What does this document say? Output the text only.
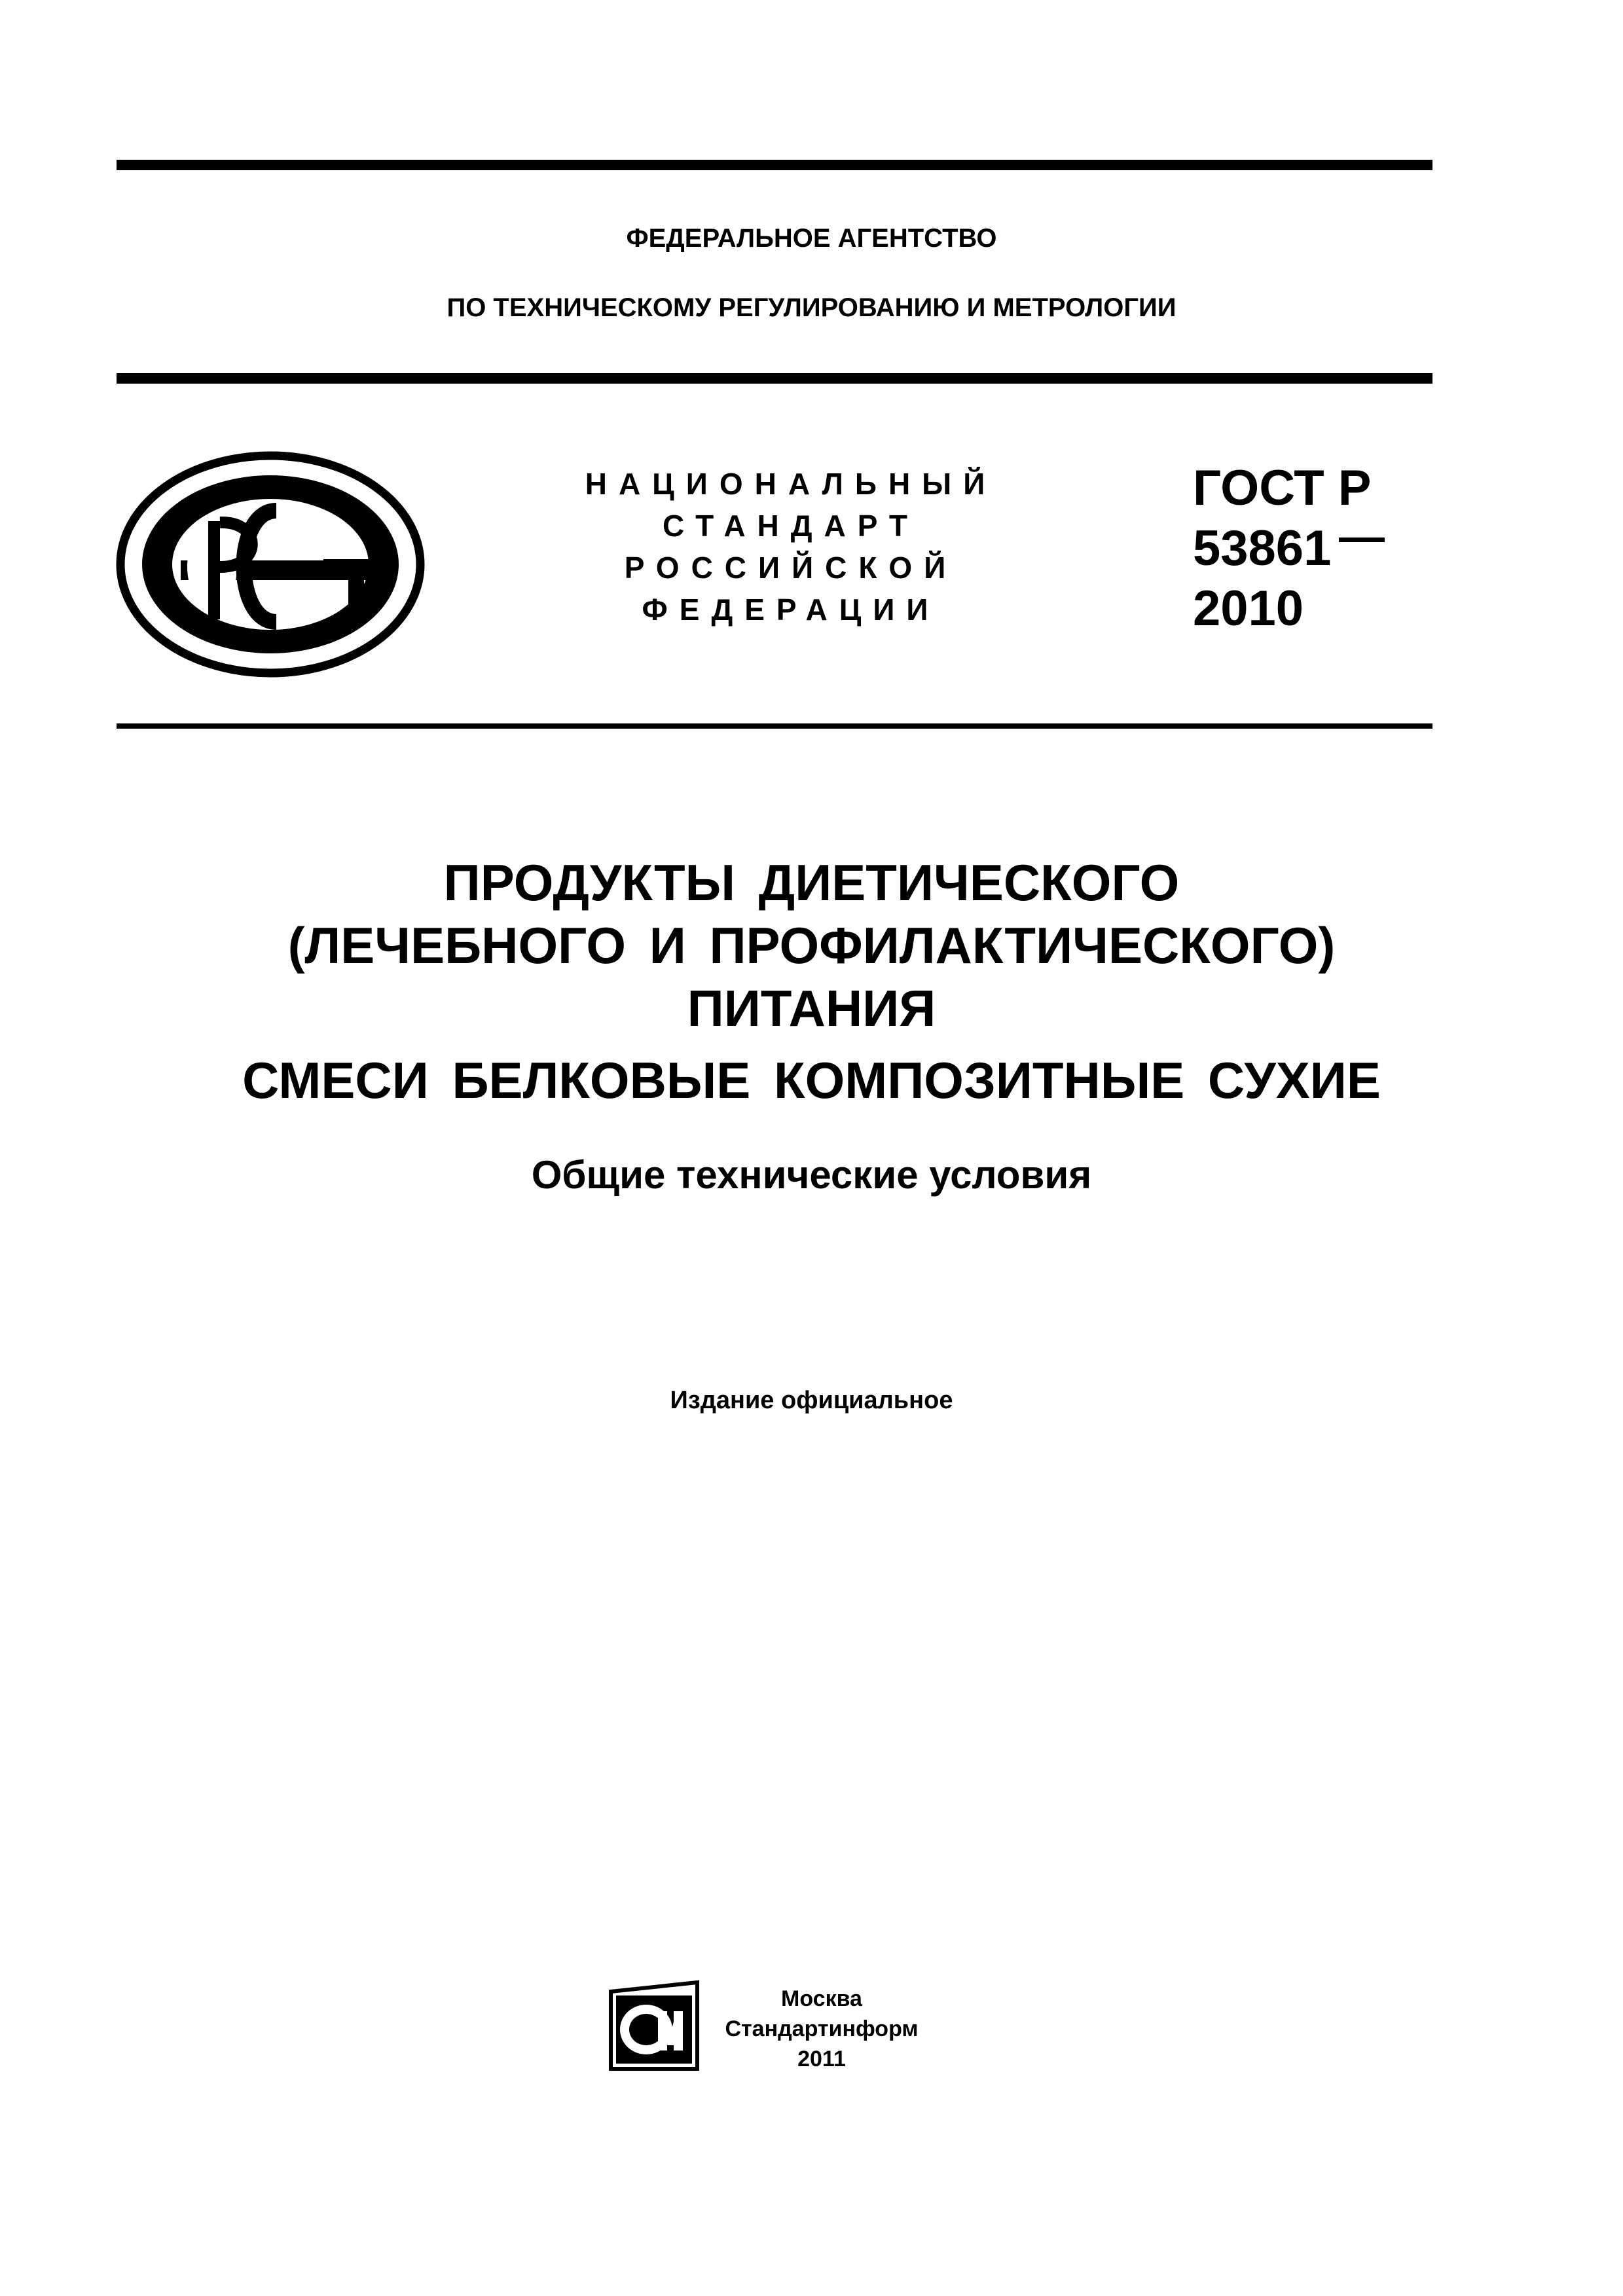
ФЕДЕРАЛЬНОЕ АГЕНТСТВО
ПО ТЕХНИЧЕСКОМУ РЕГУЛИРОВАНИЮ И МЕТРОЛОГИИ
НАЦИОНАЛЬНЫЙ
СТАНДАРТ
РОССИЙСКОЙ
ФЕДЕРАЦИИ
ГОСТ Р
53861
2010
ПРОДУКТЫ ДИЕТИЧЕСКОГО
(ЛЕЧЕБНОГО И ПРОФИЛАКТИЧЕСКОГО)
ПИТАНИЯ
СМЕСИ БЕЛКОВЫЕ КОМПОЗИТНЫЕ СУХИЕ
Общие технические условия
Издание официальное
Москва
Стандартинформ
2011
